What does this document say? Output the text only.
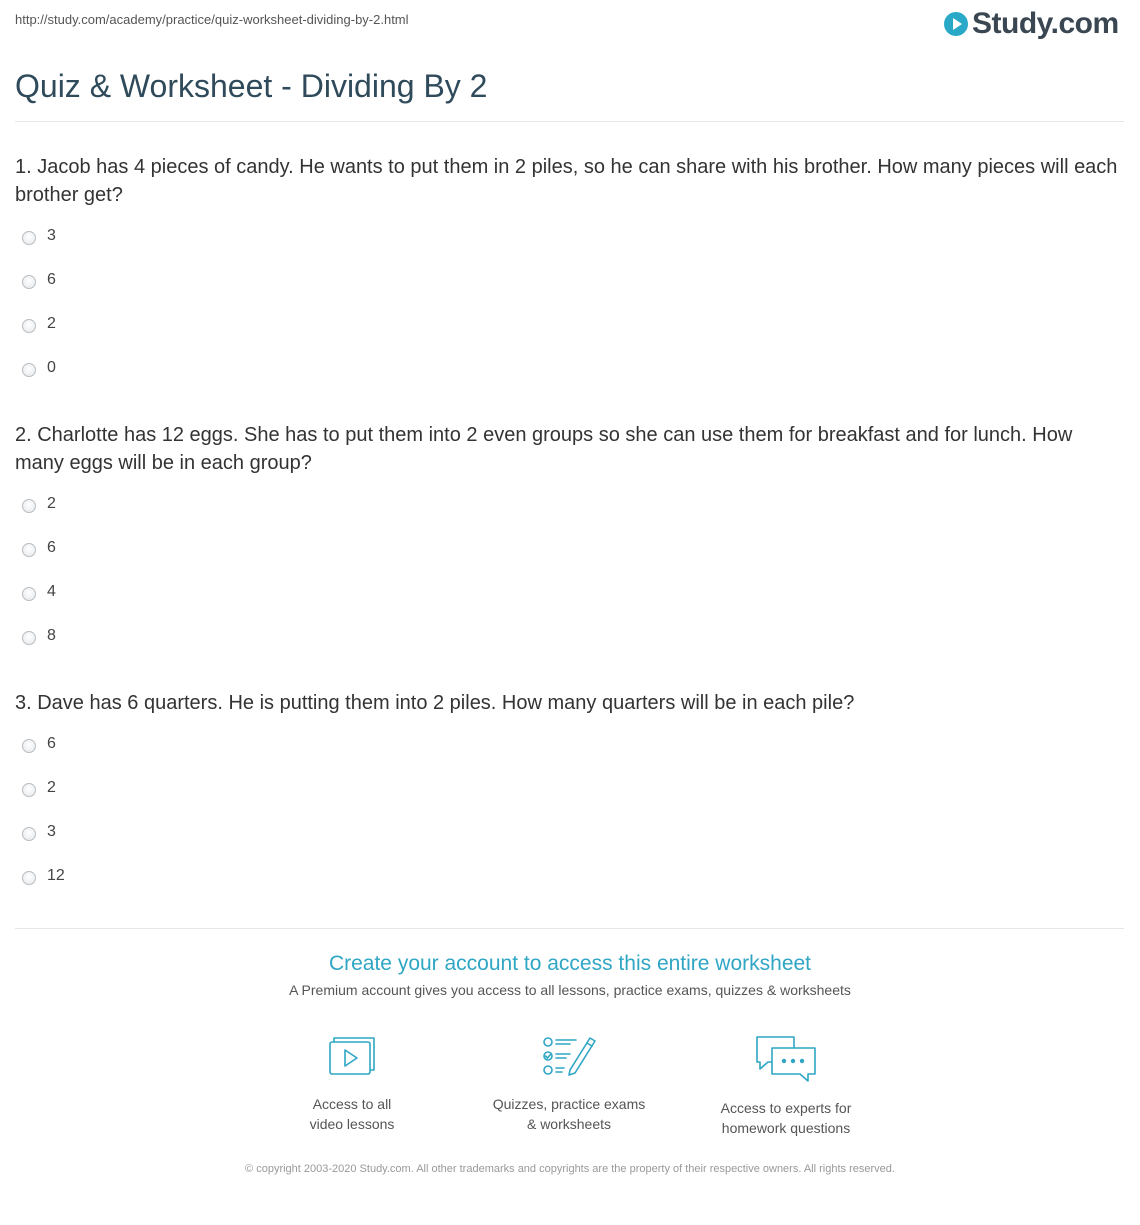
http://study.com/academy/practice/quiz-worksheet-dividing-by-2.html	Study.com
Quiz & Worksheet - Dividing By 2
1. Jacob has 4 pieces of candy. He wants to put them in 2 piles, so he can share with his brother. How many pieces will each brother get?
3
6
2
0
2. Charlotte has 12 eggs. She has to put them into 2 even groups so she can use them for breakfast and for lunch. How many eggs will be in each group?
2
6
4
8
3. Dave has 6 quarters. He is putting them into 2 piles. How many quarters will be in each pile?
6
2
3
12
Create your account to access this entire worksheet
A Premium account gives you access to all lessons, practice exams, quizzes & worksheets
Access to all
video lessons
Quizzes, practice exams
& worksheets
Access to experts for
homework questions
© copyright 2003-2020 Study.com. All other trademarks and copyrights are the property of their respective owners. All rights reserved.
